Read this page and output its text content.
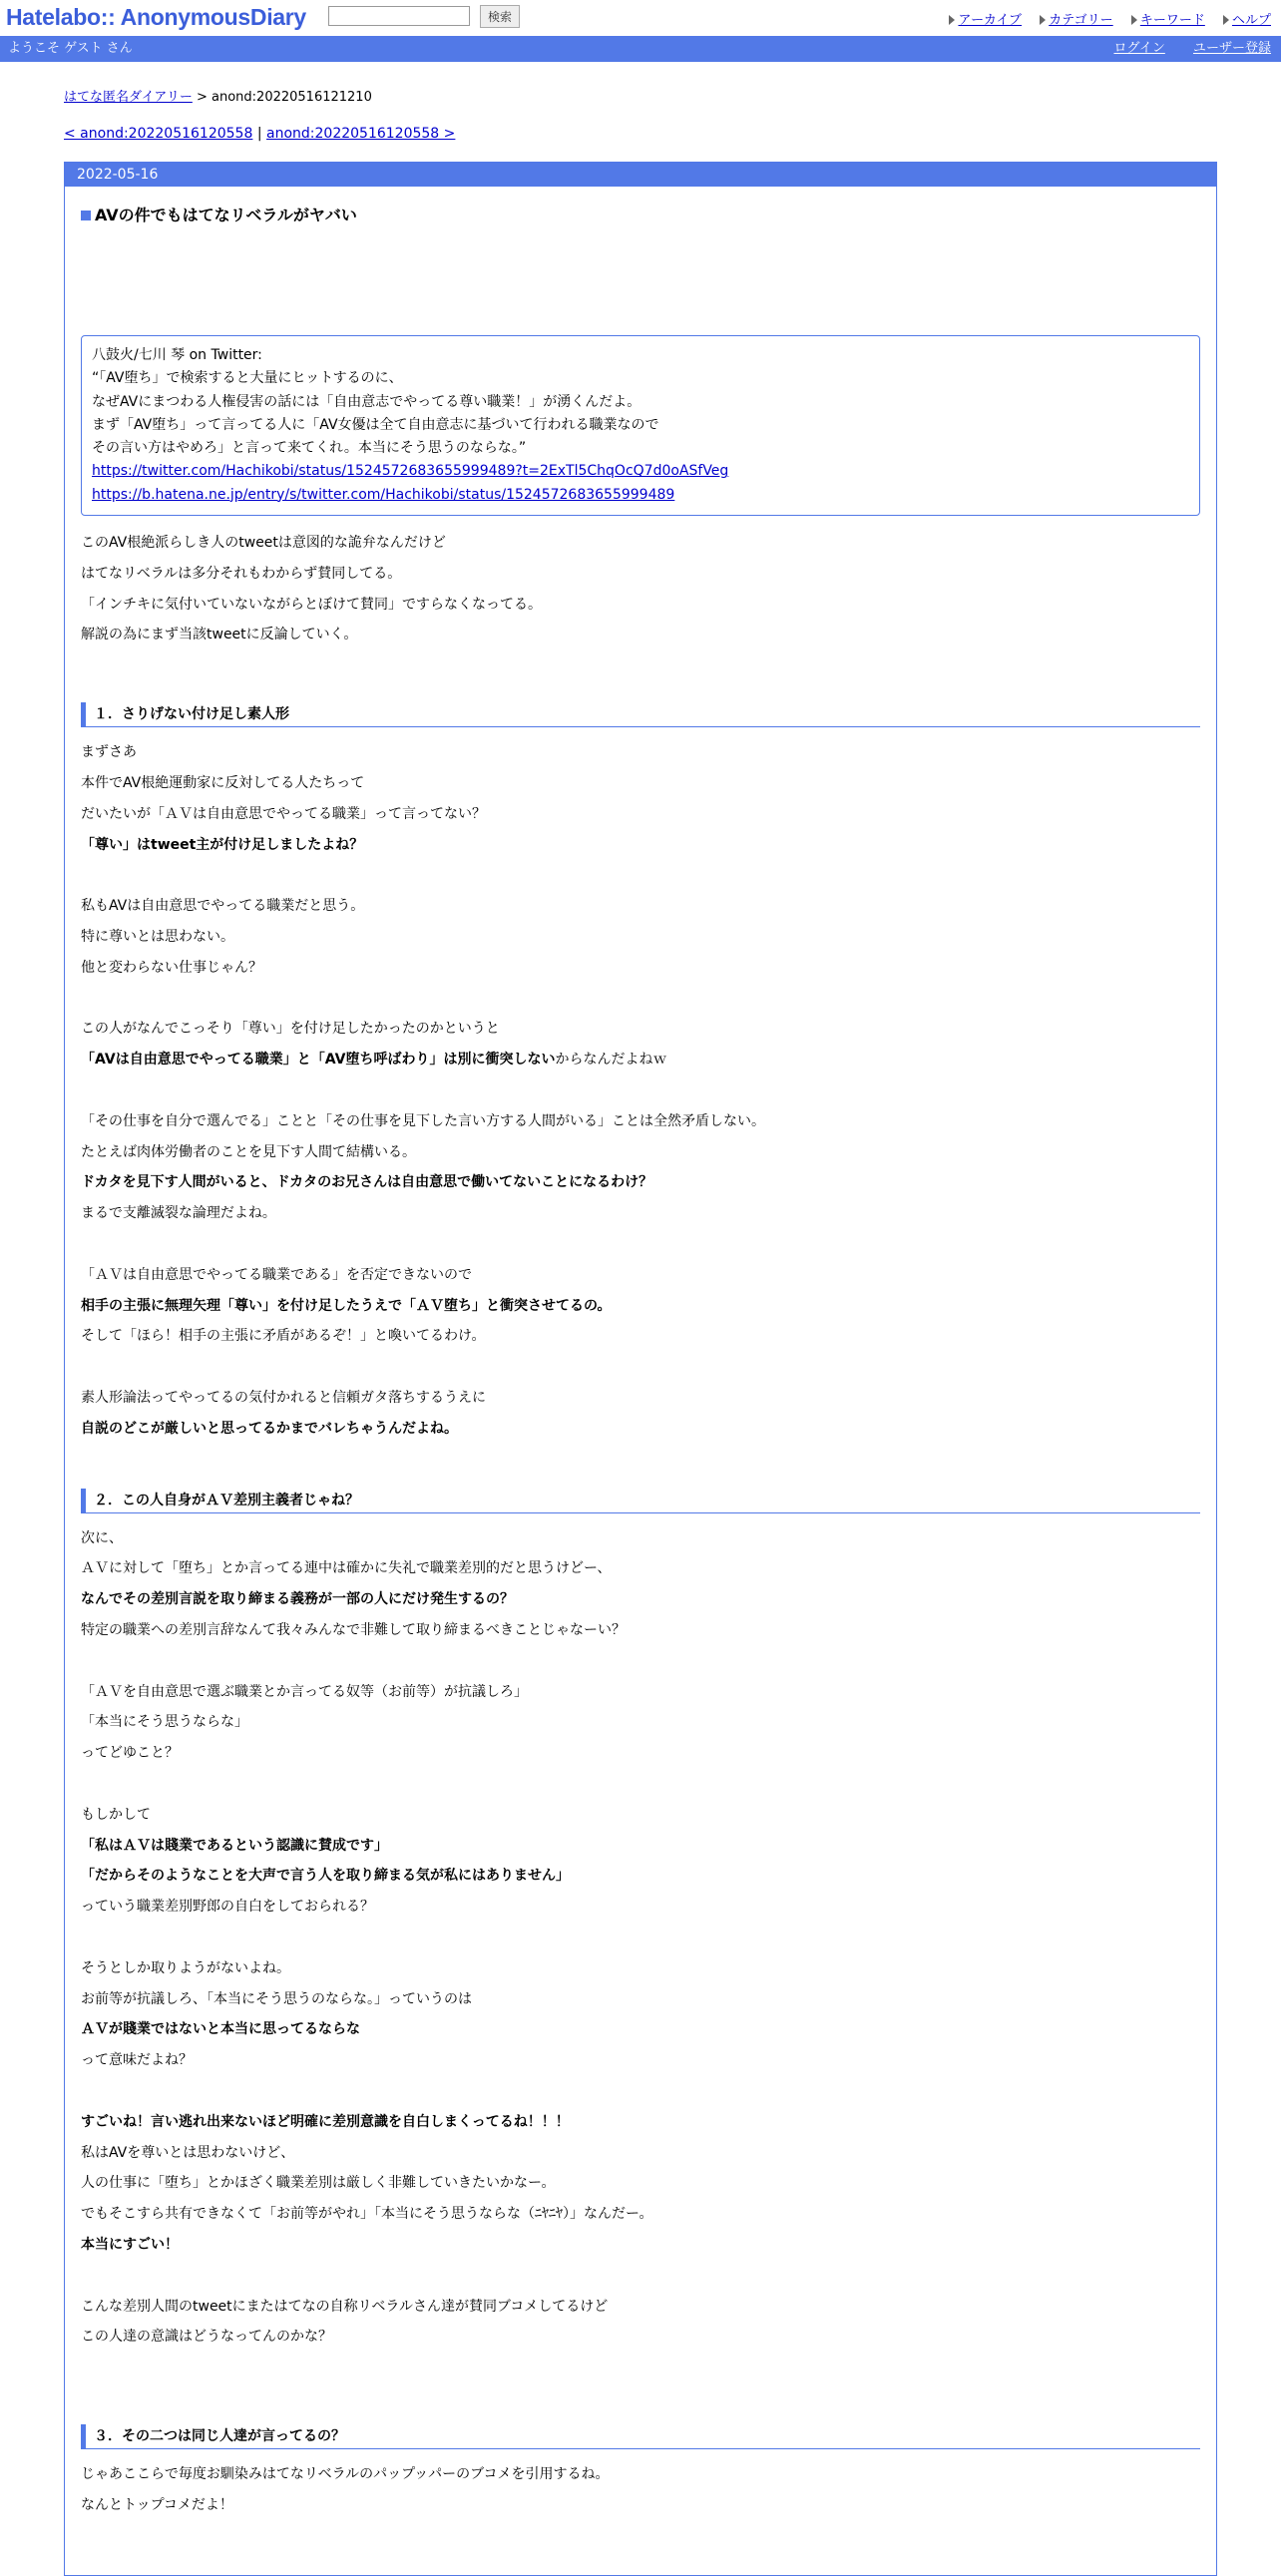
Hatelabo:: AnonymousDiary	検索	アーカイブ カテゴリー キーワード ヘルプ
ようこそ ゲスト さん	ログイン ユーザー登録
はてな匿名ダイアリー > anond:20220516121210
< anond:20220516120558 | anond:20220516120558 >
2022-05-16
AVの件でもはてなリベラルがヤバい
八鼓火/七川 琴 on Twitter:
“「AV堕ち」で検索すると大量にヒットするのに、
なぜAVにまつわる人権侵害の話には「自由意志でやってる尊い職業！」が湧くんだよ。
まず「AV堕ち」って言ってる人に「AV女優は全て自由意志に基づいて行われる職業なので
その言い方はやめろ」と言って来てくれ。本当にそう思うのならな。”
https://twitter.com/Hachikobi/status/1524572683655999489?t=2ExTl5ChqOcQ7d0oASfVeg
https://b.hatena.ne.jp/entry/s/twitter.com/Hachikobi/status/1524572683655999489

このAV根絶派らしき人のtweetは意図的な詭弁なんだけど

はてなリベラルは多分それもわからず賛同してる。

「インチキに気付いていないながらとぼけて賛同」ですらなくなってる。

解説の為にまず当該tweetに反論していく。

１．さりげない付け足し素人形

まずさあ

本件でAV根絶運動家に反対してる人たちって

だいたいが「ＡＶは自由意思でやってる職業」って言ってない？

「尊い」はtweet主が付け足しましたよね？

私もAVは自由意思でやってる職業だと思う。

特に尊いとは思わない。

他と変わらない仕事じゃん？

この人がなんでこっそり「尊い」を付け足したかったのかというと

「AVは自由意思でやってる職業」と「AV堕ち呼ばわり」は別に衝突しないからなんだよねｗ

「その仕事を自分で選んでる」ことと「その仕事を見下した言い方する人間がいる」ことは全然矛盾しない。

たとえば肉体労働者のことを見下す人間て結構いる。

ドカタを見下す人間がいると、ドカタのお兄さんは自由意思で働いてないことになるわけ？

まるで支離滅裂な論理だよね。

「ＡＶは自由意思でやってる職業である」を否定できないので

相手の主張に無理矢理「尊い」を付け足したうえで「ＡＶ堕ち」と衝突させてるの。

そして「ほら！相手の主張に矛盾があるぞ！」と喚いてるわけ。

素人形論法ってやってるの気付かれると信頼ガタ落ちするうえに

自説のどこが厳しいと思ってるかまでバレちゃうんだよね。

２．この人自身がＡＶ差別主義者じゃね？

次に、

ＡＶに対して「堕ち」とか言ってる連中は確かに失礼で職業差別的だと思うけどー、

なんでその差別言説を取り締まる義務が一部の人にだけ発生するの？

特定の職業への差別言辞なんて我々みんなで非難して取り締まるべきことじゃなーい？

「ＡＶを自由意思で選ぶ職業とか言ってる奴等（お前等）が抗議しろ」

「本当にそう思うならな」

ってどゆこと？

もしかして

「私はＡＶは賤業であるという認識に賛成です」

「だからそのようなことを大声で言う人を取り締まる気が私にはありません」

っていう職業差別野郎の自白をしておられる？

そうとしか取りようがないよね。

お前等が抗議しろ、「本当にそう思うのならな。」っていうのは

ＡＶが賤業ではないと本当に思ってるならな

って意味だよね？

すごいね！言い逃れ出来ないほど明確に差別意識を自白しまくってるね！！！

私はAVを尊いとは思わないけど、

人の仕事に「堕ち」とかほざく職業差別は厳しく非難していきたいかなー。

でもそこすら共有できなくて「お前等がやれ」「本当にそう思うならな（ﾆﾔﾆﾔ）」なんだー。

本当にすごい！

こんな差別人間のtweetにまたはてなの自称リベラルさん達が賛同ブコメしてるけど

この人達の意識はどうなってんのかな？

３．その二つは同じ人達が言ってるの？

じゃあここらで毎度お馴染みはてなリベラルのパップッパーのブコメを引用するね。

なんとトップコメだよ！
